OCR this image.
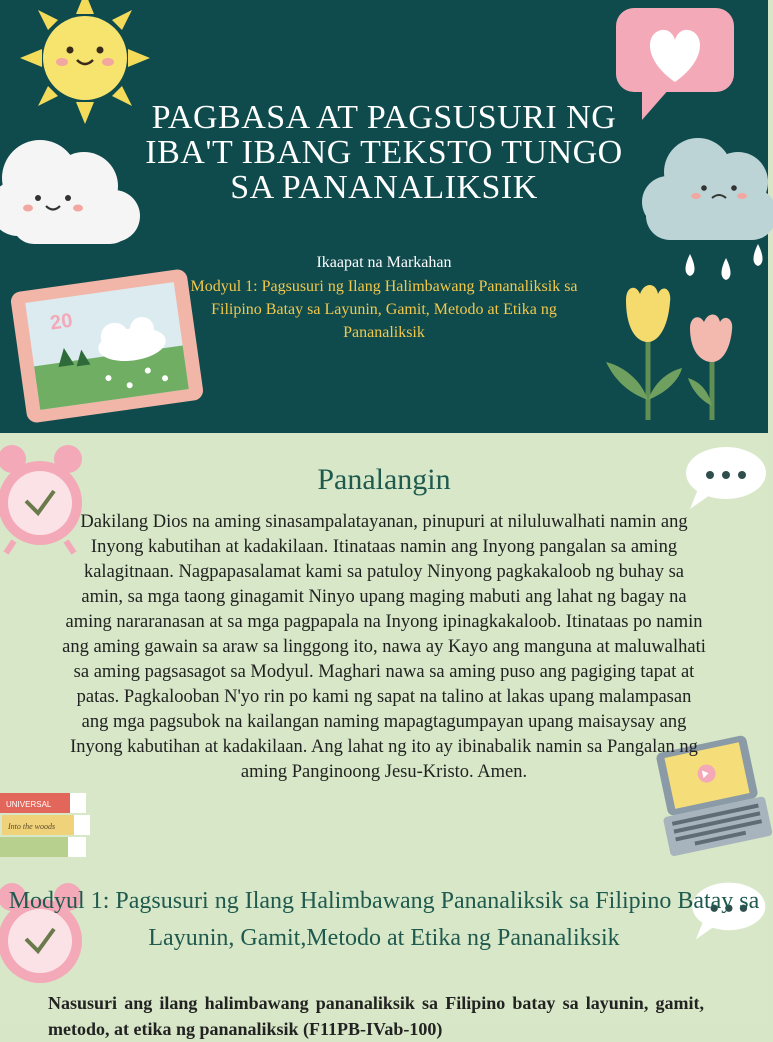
20
PAGBASA AT PAGSUSURI NG IBA'T IBANG TEKSTO TUNGO SA PANANALIKSIK
Ikaapat na Markahan
Modyul 1: Pagsusuri ng Ilang Halimbawang Pananaliksik sa Filipino Batay sa Layunin, Gamit, Metodo at Etika ng Pananaliksik
UNIVERSAL
Into the woods
Panalangin
Dakilang Dios na aming sinasampalatayanan, pinupuri at niluluwalhati namin ang Inyong kabutihan at kadakilaan. Itinataas namin ang Inyong pangalan sa aming kalagitnaan. Nagpapasalamat kami sa patuloy Ninyong pagkakaloob ng buhay sa amin, sa mga taong ginagamit Ninyo upang maging mabuti ang lahat ng bagay na aming nararanasan at sa mga pagpapala na Inyong ipinagkakaloob. Itinataas po namin ang aming gawain sa araw sa linggong ito, nawa ay Kayo ang manguna at maluwalhati sa aming pagsasagot sa Modyul. Maghari nawa sa aming puso ang pagiging tapat at patas. Pagkalooban N'yo rin po kami ng sapat na talino at lakas upang malampasan ang mga pagsubok na kailangan naming mapagtagumpayan upang maisaysay ang Inyong kabutihan at kadakilaan. Ang lahat ng ito ay ibinabalik namin sa Pangalan ng aming Panginoong Jesu-Kristo. Amen.
Modyul 1: Pagsusuri ng Ilang Halimbawang Pananaliksik sa Filipino Batay sa Layunin, Gamit,Metodo at Etika ng Pananaliksik
Nasusuri ang ilang halimbawang pananaliksik sa Filipino batay sa layunin, gamit, metodo, at etika ng pananaliksik (F11PB-IVab-100)
